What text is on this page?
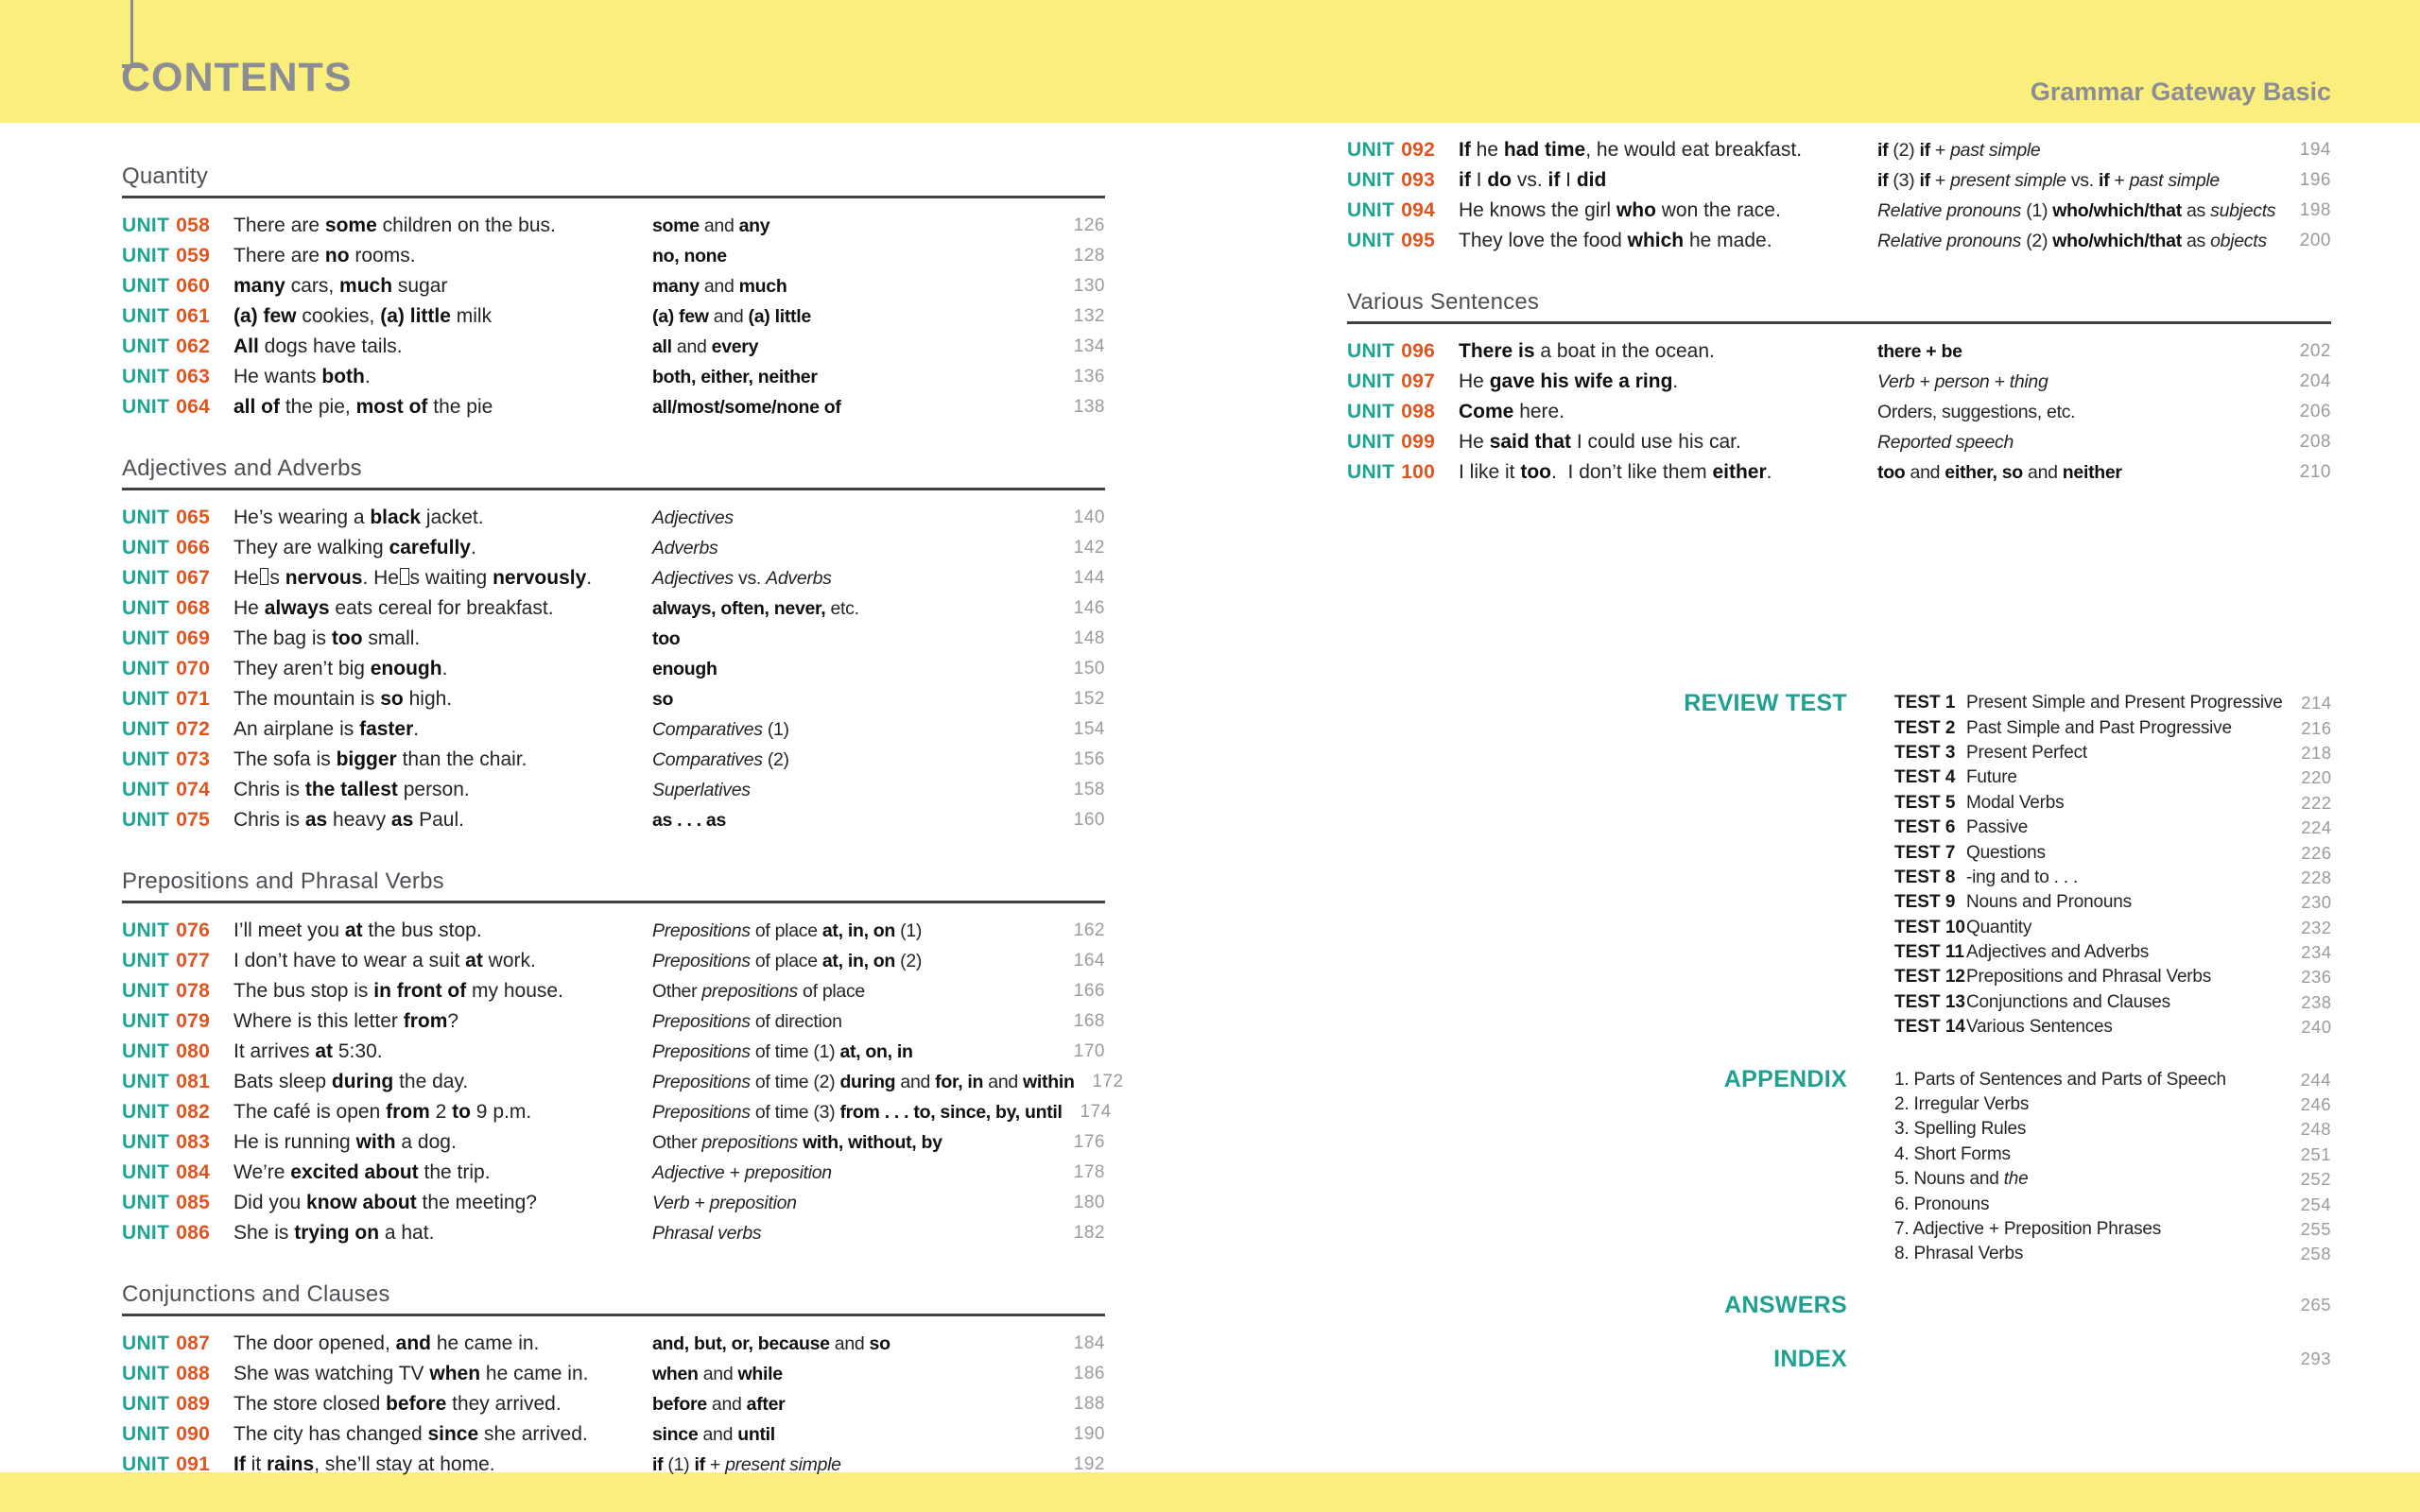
CONTENTS	Grammar Gateway Basic
Quantity
UNIT 058	There are some children on the bus.	some and any	126
UNIT 059	There are no rooms.	no, none	128
UNIT 060	many cars, much sugar	many and much	130
UNIT 061	(a) few cookies, (a) little milk	(a) few and (a) little	132
UNIT 062	All dogs have tails.	all and every	134
UNIT 063	He wants both.	both, either, neither	136
UNIT 064	all of the pie, most of the pie	all/most/some/none of	138
Adjectives and Adverbs
UNIT 065	He’s wearing a black jacket.	Adjectives	140
UNIT 066	They are walking carefully.	Adverbs	142
UNIT 067	He s nervous. He s waiting nervously.	Adjectives vs. Adverbs	144
UNIT 068	He always eats cereal for breakfast.	always, often, never, etc.	146
UNIT 069	The bag is too small.	too	148
UNIT 070	They aren’t big enough.	enough	150
UNIT 071	The mountain is so high.	so	152
UNIT 072	An airplane is faster.	Comparatives (1)	154
UNIT 073	The sofa is bigger than the chair.	Comparatives (2)	156
UNIT 074	Chris is the tallest person.	Superlatives	158
UNIT 075	Chris is as heavy as Paul.	as . . . as	160
Prepositions and Phrasal Verbs
UNIT 076	I’ll meet you at the bus stop.	Prepositions of place at, in, on (1)	162
UNIT 077	I don’t have to wear a suit at work.	Prepositions of place at, in, on (2)	164
UNIT 078	The bus stop is in front of my house.	Other prepositions of place	166
UNIT 079	Where is this letter from?	Prepositions of direction	168
UNIT 080	It arrives at 5:30.	Prepositions of time (1) at, on, in	170
UNIT 081	Bats sleep during the day.	Prepositions of time (2) during and for, in and within 172
UNIT 082	The café is open from 2 to 9 p.m.	Prepositions of time (3) from . . . to, since, by, until 174
UNIT 083	He is running with a dog.	Other prepositions with, without, by	176
UNIT 084	We’re excited about the trip.	Adjective + preposition	178
UNIT 085	Did you know about the meeting?	Verb + preposition	180
UNIT 086	She is trying on a hat.	Phrasal verbs	182
Conjunctions and Clauses
UNIT 087	The door opened, and he came in.	and, but, or, because and so	184
UNIT 088	She was watching TV when he came in.	when and while	186
UNIT 089	The store closed before they arrived.	before and after	188
UNIT 090	The city has changed since she arrived.	since and until	190
UNIT 091	If it rains, she’ll stay at home.	if (1) if + present simple	192
UNIT 092	If he had time, he would eat breakfast.	if (2) if + past simple	194
UNIT 093	if I do vs. if I did	if (3) if + present simple vs. if + past simple	196
UNIT 094	He knows the girl who won the race.	Relative pronouns (1) who/which/that as subjects	198
UNIT 095	They love the food which he made.	Relative pronouns (2) who/which/that as objects	200
Various Sentences
UNIT 096	There is a boat in the ocean.	there + be	202
UNIT 097	He gave his wife a ring.	Verb + person + thing	204
UNIT 098	Come here.	Orders, suggestions, etc.	206
UNIT 099	He said that I could use his car.	Reported speech	208
UNIT 100	I like it too.  I don’t like them either.	too and either, so and neither	210
REVIEW TEST	TEST 1 Present Simple and Present Progressive	214
TEST 2 Past Simple and Past Progressive	216
TEST 3 Present Perfect	218
TEST 4 Future	220
TEST 5 Modal Verbs	222
TEST 6 Passive	224
TEST 7 Questions	226
TEST 8 -ing and to . . .	228
TEST 9 Nouns and Pronouns	230
TEST 10 Quantity	232
TEST 11 Adjectives and Adverbs	234
TEST 12 Prepositions and Phrasal Verbs	236
TEST 13 Conjunctions and Clauses	238
TEST 14 Various Sentences	240
APPENDIX	1. Parts of Sentences and Parts of Speech	244
2. Irregular Verbs	246
3. Spelling Rules	248
4. Short Forms	251
5. Nouns and the	252
6. Pronouns	254
7. Adjective + Preposition Phrases	255
8. Phrasal Verbs	258
ANSWERS	265
INDEX	293
